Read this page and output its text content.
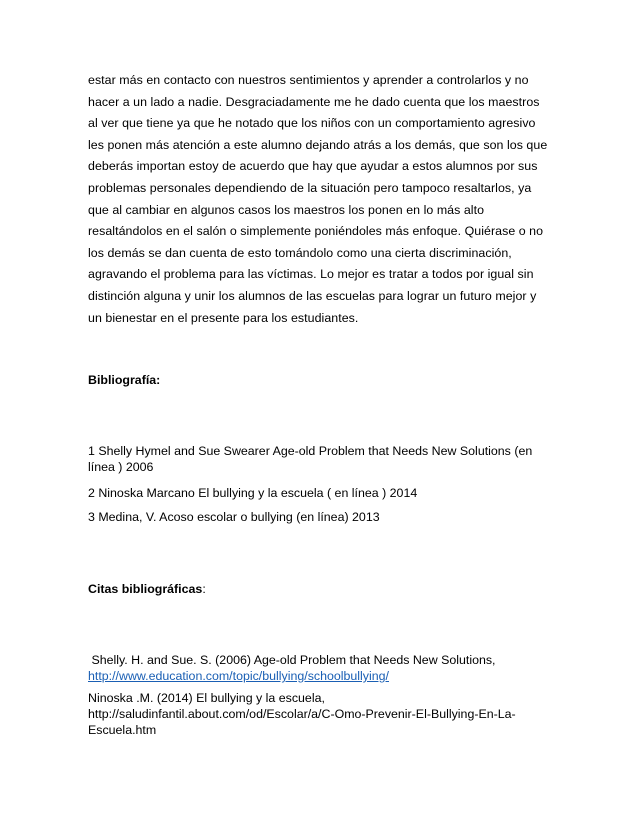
estar más en contacto con nuestros sentimientos y aprender a controlarlos y no
hacer a un lado a nadie. Desgraciadamente me he dado cuenta que los maestros
al ver que tiene ya que he notado que los niños con un comportamiento agresivo
les ponen más atención a este alumno dejando atrás a los demás, que son los que
deberás importan estoy de acuerdo que hay que ayudar a estos alumnos por sus
problemas personales dependiendo de la situación pero tampoco resaltarlos, ya
que al cambiar en algunos casos los maestros los ponen en lo más alto
resaltándolos en el salón o simplemente poniéndoles más enfoque. Quiérase o no
los demás se dan cuenta de esto tomándolo como una cierta discriminación,
agravando el problema para las víctimas. Lo mejor es tratar a todos por igual sin
distinción alguna y unir los alumnos de las escuelas para lograr un futuro mejor y
un bienestar en el presente para los estudiantes.
Bibliografía:
1 Shelly Hymel and Sue Swearer Age-old Problem that Needs New Solutions (en
línea ) 2006
2 Ninoska Marcano El bullying y la escuela ( en línea ) 2014
3 Medina, V. Acoso escolar o bullying (en línea) 2013
Citas bibliográficas:
Shelly. H. and Sue. S. (2006) Age-old Problem that Needs New Solutions,
http://www.education.com/topic/bullying/schoolbullying/
Ninoska .M. (2014) El bullying y la escuela,
http://saludinfantil.about.com/od/Escolar/a/C-Omo-Prevenir-El-Bullying-En-La-
Escuela.htm
